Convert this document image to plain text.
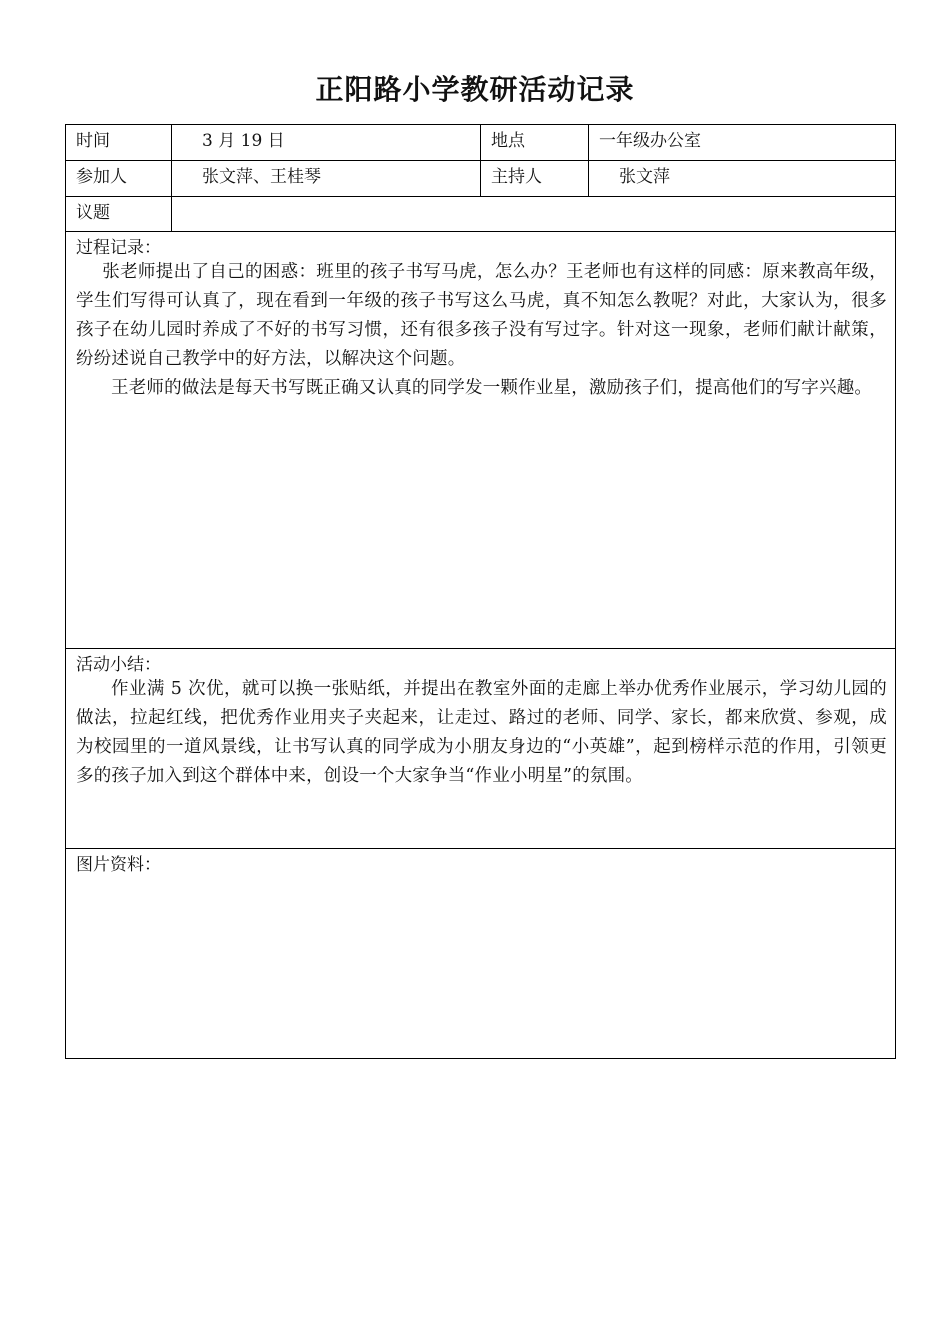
正阳路小学教研活动记录
时间	3 月 19 日	地点	一年级办公室
参加人	张文萍、王桂琴	主持人	张文萍
议题			

过程记录：

张老师提出了自己的困惑：班里的孩子书写马虎，怎么办？王老师也有这样的同感：原来教高年级，学生们写得可认真了，现在看到一年级的孩子书写这么马虎，真不知怎么教呢？对此，大家认为，很多孩子在幼儿园时养成了不好的书写习惯，还有很多孩子没有写过字。针对这一现象，老师们献计献策，纷纷述说自己教学中的好方法，以解决这个问题。

王老师的做法是每天书写既正确又认真的同学发一颗作业星，激励孩子们，提高他们的写字兴趣。			

活动小结：

作业满 5 次优，就可以换一张贴纸，并提出在教室外面的走廊上举办优秀作业展示，学习幼儿园的做法，拉起红线，把优秀作业用夹子夹起来，让走过、路过的老师、同学、家长，都来欣赏、参观，成为校园里的一道风景线，让书写认真的同学成为小朋友身边的“小英雄”，起到榜样示范的作用，引领更多的孩子加入到这个群体中来，创设一个大家争当“作业小明星”的氛围。			

图片资料：			
